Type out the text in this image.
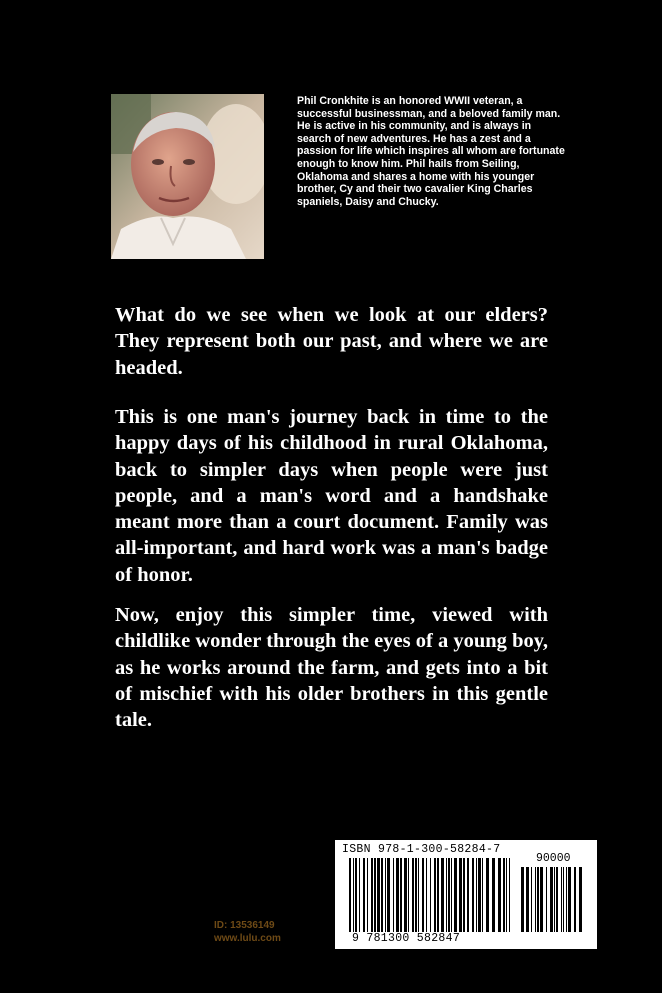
Phil Cronkhite is an honored WWII veteran, a successful businessman, and a beloved family man. He is active in his community, and is always in search of new adventures. He has a zest and a passion for life which inspires all whom are fortunate enough to know him. Phil hails from Seiling, Oklahoma and shares a home with his younger brother, Cy and their two cavalier King Charles spaniels, Daisy and Chucky.
What do we see when we look at our elders? They represent both our past, and where we are headed.
This is one man's journey back in time to the happy days of his childhood in rural Oklahoma, back to simpler days when people were just people, and a man's word and a handshake meant more than a court document. Family was all-important, and hard work was a man's badge of honor.
Now, enjoy this simpler time, viewed with childlike wonder through the eyes of a young boy, as he works around the farm, and gets into a bit of mischief with his older brothers in this gentle tale.
ID: 13536149
www.lulu.com
ISBN 978-1-300-58284-7
90000
9 781300 582847
